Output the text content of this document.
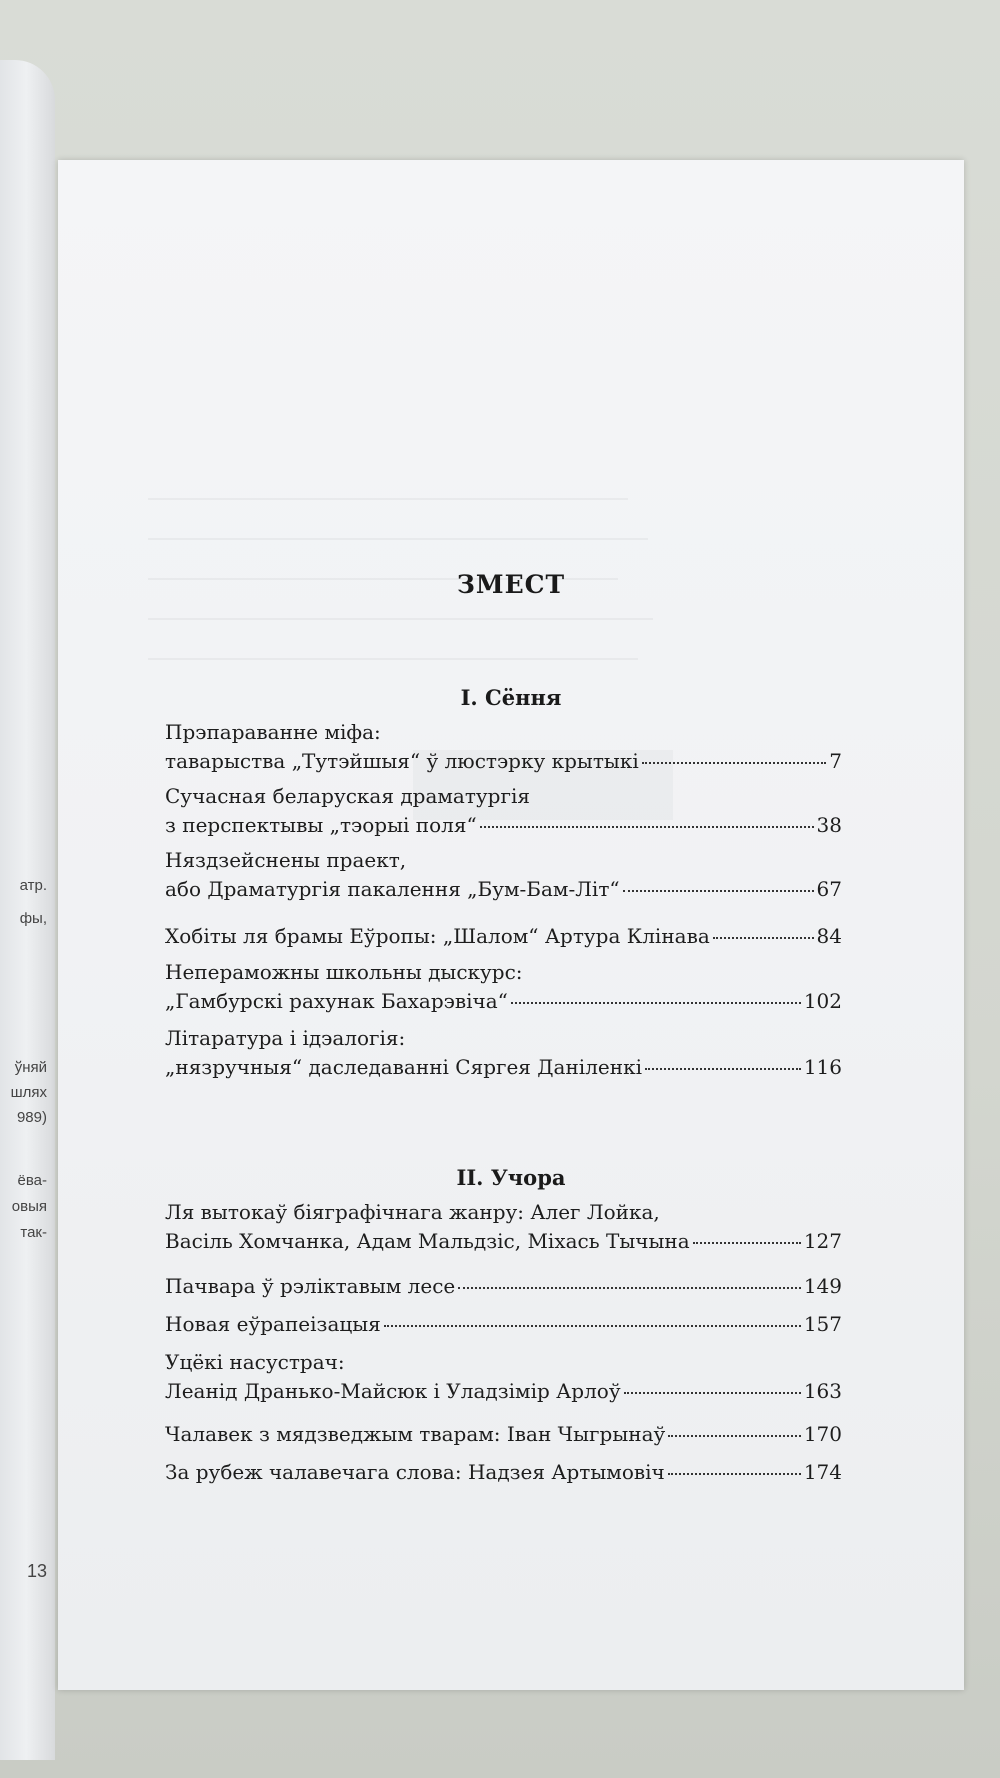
атр.
фы,
ўняй
шлях
989)
ёва-
овыя
так-
13
ЗМЕСТ
I. Сёння
Прэпараванне міфа:
таварыства „Тутэйшыя“ ў люстэрку крытыкі	7
Сучасная беларуская драматургія
з перспектывы „тэорыі поля“	38
Няздзейснены праект,
або Драматургія пакалення „Бум-Бам-Літ“	67
Хобіты ля брамы Еўропы: „Шалом“ Артура Клінава	84
Непераможны школьны дыскурс:
„Гамбурскі рахунак Бахарэвіча“	102
Літаратура і ідэалогія:
„нязручныя“ даследаванні Сяргея Даніленкі	116
II. Учора
Ля вытокаў біяграфічнага жанру: Алег Лойка,
Васіль Хомчанка, Адам Мальдзіс, Міхась Тычына	127
Пачвара ў рэліктавым лесе	149
Новая еўрапеізацыя	157
Уцёкі насустрач:
Леанід Дранько-Майсюк і Уладзімір Арлоў	163
Чалавек з мядзведжым тварам: Іван Чыгрынаў	170
За рубеж чалавечага слова: Надзея Артымовіч	174
